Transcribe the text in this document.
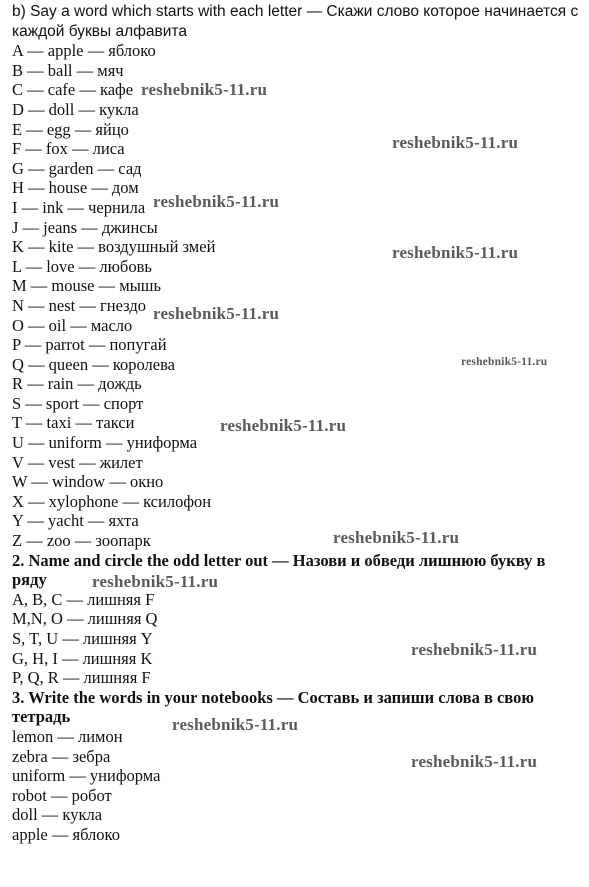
b) Say a word which starts with each letter — Скажи слово которое начинается с каждой буквы алфавита
A — apple — яблоко
B — ball — мяч
C — cafe — кафе
D — doll — кукла
E — egg — яйцо
F — fox — лиса
G — garden — сад
H — house — дом
I — ink — чернила
J — jeans — джинсы
K — kite — воздушный змей
L — love — любовь
M — mouse — мышь
N — nest — гнездо
O — oil — масло
P — parrot — попугай
Q — queen — королева
R — rain — дождь
S — sport — спорт
T — taxi — такси
U — uniform — униформа
V — vest — жилет
W — window — окно
X — xylophone — ксилофон
Y — yacht — яхта
Z — zoo — зоопарк
2. Name and circle the odd letter out — Назови и обведи лишнюю букву в ряду
A, B, C — лишняя F
M,N, O — лишняя Q
S, T, U — лишняя Y
G, H, I — лишняя K
P, Q, R — лишняя F
3. Write the words in your notebooks — Составь и запиши слова в свою тетрадь
lemon — лимон
zebra — зебра
uniform — униформа
robot — робот
doll — кукла
apple — яблоко
reshebnik5-11.ru
reshebnik5-11.ru
reshebnik5-11.ru
reshebnik5-11.ru
reshebnik5-11.ru
reshebnik5-11.ru
reshebnik5-11.ru
reshebnik5-11.ru
reshebnik5-11.ru
reshebnik5-11.ru
reshebnik5-11.ru
reshebnik5-11.ru
